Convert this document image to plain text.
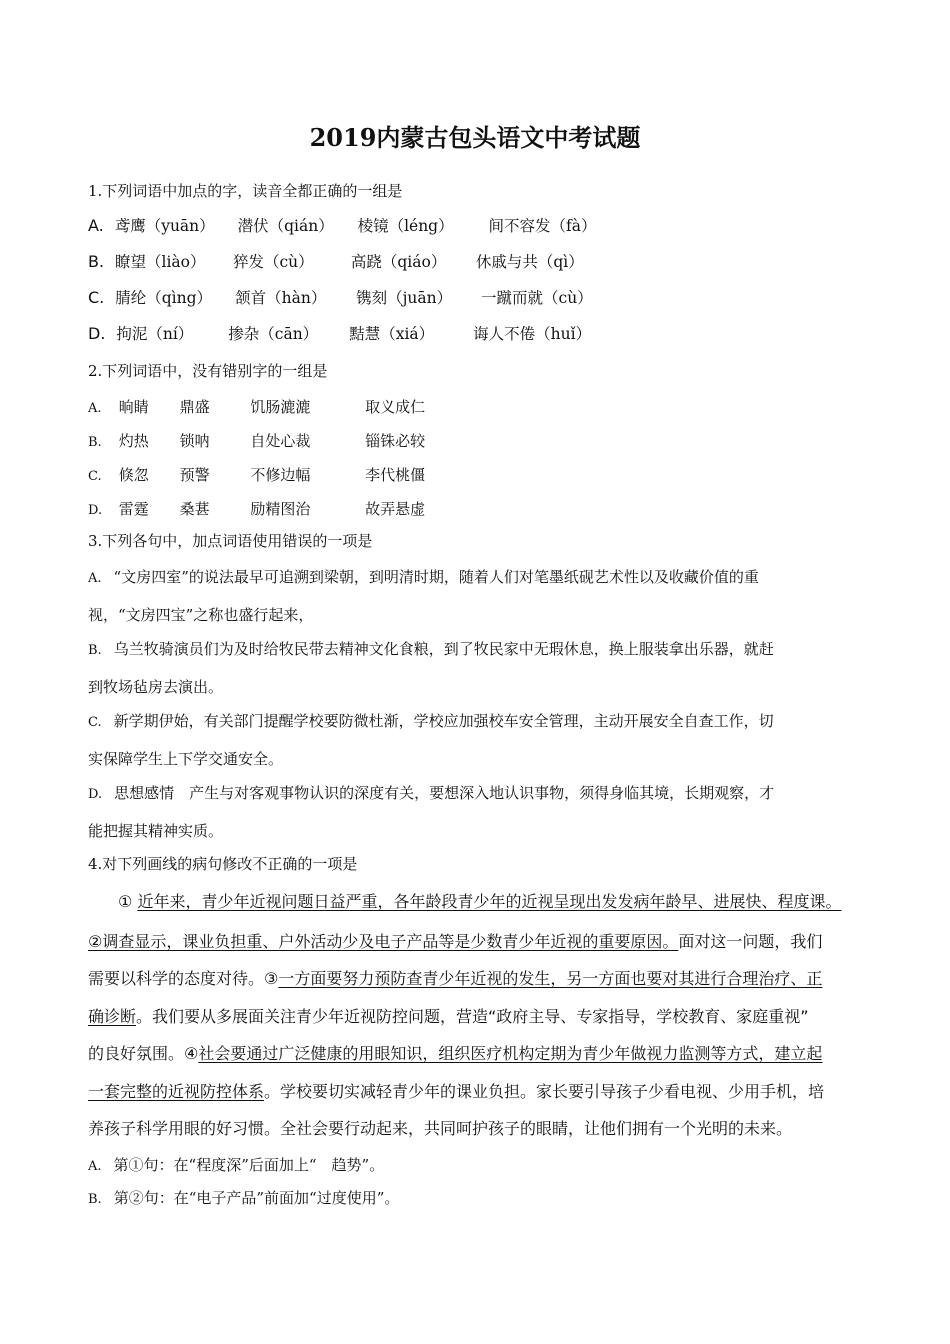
2019内蒙古包头语文中考试题
1.下列词语中加点的字，读音全都正确的一组是
A. 鸢鹰（yuān） 潜伏（qián） 棱镜（léng） 间不容发（fà）
B. 瞭望（liào） 猝发（cù） 高跷（qiáo） 休戚与共（qì）
C. 腈纶（qìng） 颔首（hàn） 镌刻（juān） 一蹴而就（cù）
D. 拘泥（ní） 掺杂（cān） 黠慧（xiá）	诲人不倦（huǐ）
2.下列词语中，没有错别字的一组是
A. 晌睛 鼎盛	饥肠漉漉	取义成仁
B. 灼热 锁呐	自处心裁	锱铢必较
C. 倏忽 预警	不修边幅	李代桃僵
D. 雷霆 桑葚	励精图治	故弄悬虚
3.下列各句中，加点词语使用错误的一项是
A. “文房四室”的说法最早可追溯到梁朝，到明清时期，随着人们对笔墨纸砚艺术性以及收藏价值的重
视，“文房四宝”之称也盛行起来，
B. 乌兰牧骑演员们为及时给牧民带去精神文化食粮，到了牧民家中无瑕休息，换上服装拿出乐器，就赶
到牧场毡房去演出。
C. 新学期伊始，有关部门提醒学校要防微杜渐，学校应加强校车安全管理，主动开展安全自查工作，切
实保障学生上下学交通安全。
D. 思想感情　产生与对客观事物认识的深度有关，要想深入地认识事物，须得身临其境，长期观察，才
能把握其精神实质。
4.对下列画线的病句修改不正确的一项是
① 近年来，青少年近视问题日益严重，各年龄段青少年的近视呈现出发发病年龄早、进展快、程度课。
②调查显示，课业负担重、户外活动少及电子产品等是少数青少年近视的重要原因。面对这一问题，我们
需要以科学的态度对待。③一方面要努力预防查青少年近视的发生，另一方面也要对其进行合理治疗、正
确诊断。我们要从多展面关注青少年近视防控问题，营造“政府主导、专家指导，学校教育、家庭重视”
的良好氛围。④社会要通过广泛健康的用眼知识，组织医疗机构定期为青少年做视力监测等方式，建立起
一套完整的近视防控体系。学校要切实减轻青少年的课业负担。家长要引导孩子少看电视、少用手机，培
养孩子科学用眼的好习惯。全社会要行动起来，共同呵护孩子的眼睛，让他们拥有一个光明的未来。
A. 第①句：在“程度深”后面加上“　趋势”。
B. 第②句：在“电子产品”前面加“过度使用”。
